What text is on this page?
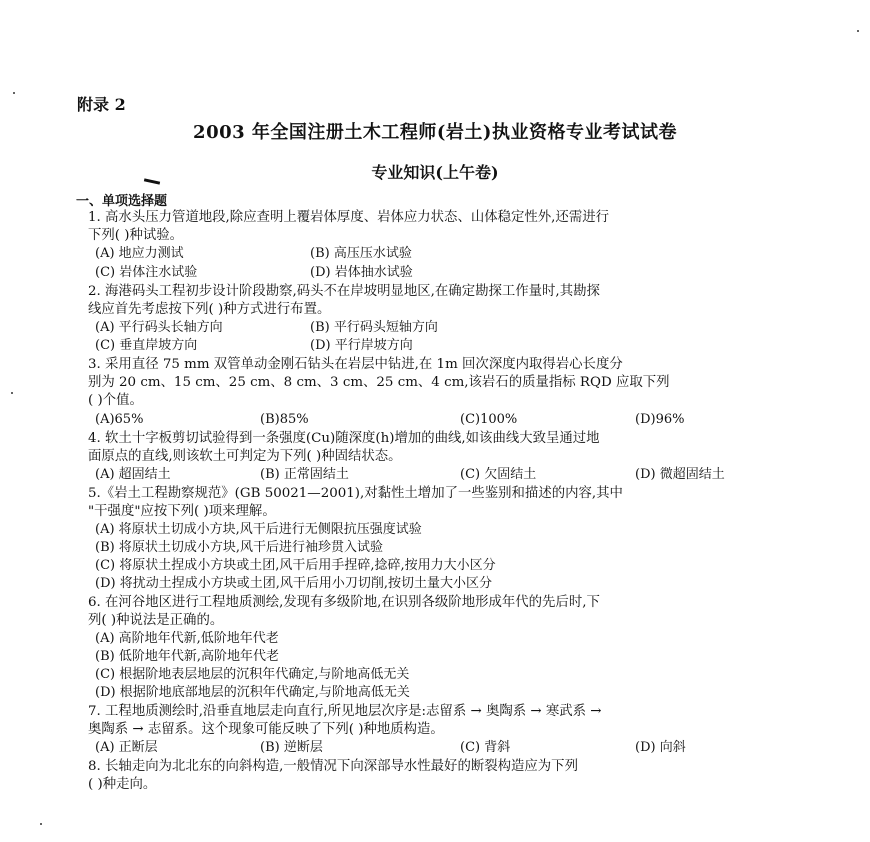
附录 2
2003 年全国注册土木工程师(岩土)执业资格专业考试试卷
专业知识(上午卷)
一、单项选择题
1. 高水头压力管道地段,除应查明上覆岩体厚度、岩体应力状态、山体稳定性外,还需进行
下列( )种试验。
(A) 地应力测试	(B) 高压压水试验
(C) 岩体注水试验	(D) 岩体抽水试验
2. 海港码头工程初步设计阶段勘察,码头不在岸坡明显地区,在确定勘探工作量时,其勘探
线应首先考虑按下列( )种方式进行布置。
(A) 平行码头长轴方向	(B) 平行码头短轴方向
(C) 垂直岸坡方向	(D) 平行岸坡方向
3. 采用直径 75 mm 双管单动金刚石钻头在岩层中钻进,在 1m 回次深度内取得岩心长度分
别为 20 cm、15 cm、25 cm、8 cm、3 cm、25 cm、4 cm,该岩石的质量指标 RQD 应取下列
( )个值。
(A)65%	(B)85%	(C)100%	(D)96%
4. 软土十字板剪切试验得到一条强度(Cu)随深度(h)增加的曲线,如该曲线大致呈通过地
面原点的直线,则该软土可判定为下列( )种固结状态。
(A) 超固结土	(B) 正常固结土	(C) 欠固结土	(D) 微超固结土
5.《岩土工程勘察规范》(GB 50021—2001),对黏性土增加了一些鉴别和描述的内容,其中
"干强度"应按下列( )项来理解。
(A) 将原状土切成小方块,风干后进行无侧限抗压强度试验
(B) 将原状土切成小方块,风干后进行袖珍贯入试验
(C) 将原状土捏成小方块或土团,风干后用手捏碎,捻碎,按用力大小区分
(D) 将扰动土捏成小方块或土团,风干后用小刀切削,按切土量大小区分
6. 在河谷地区进行工程地质测绘,发现有多级阶地,在识别各级阶地形成年代的先后时,下
列( )种说法是正确的。
(A) 高阶地年代新,低阶地年代老
(B) 低阶地年代新,高阶地年代老
(C) 根据阶地表层地层的沉积年代确定,与阶地高低无关
(D) 根据阶地底部地层的沉积年代确定,与阶地高低无关
7. 工程地质测绘时,沿垂直地层走向直行,所见地层次序是:志留系 → 奥陶系 → 寒武系 →
奥陶系 → 志留系。这个现象可能反映了下列( )种地质构造。
(A) 正断层	(B) 逆断层	(C) 背斜	(D) 向斜
8. 长轴走向为北北东的向斜构造,一般情况下向深部导水性最好的断裂构造应为下列
( )种走向。
